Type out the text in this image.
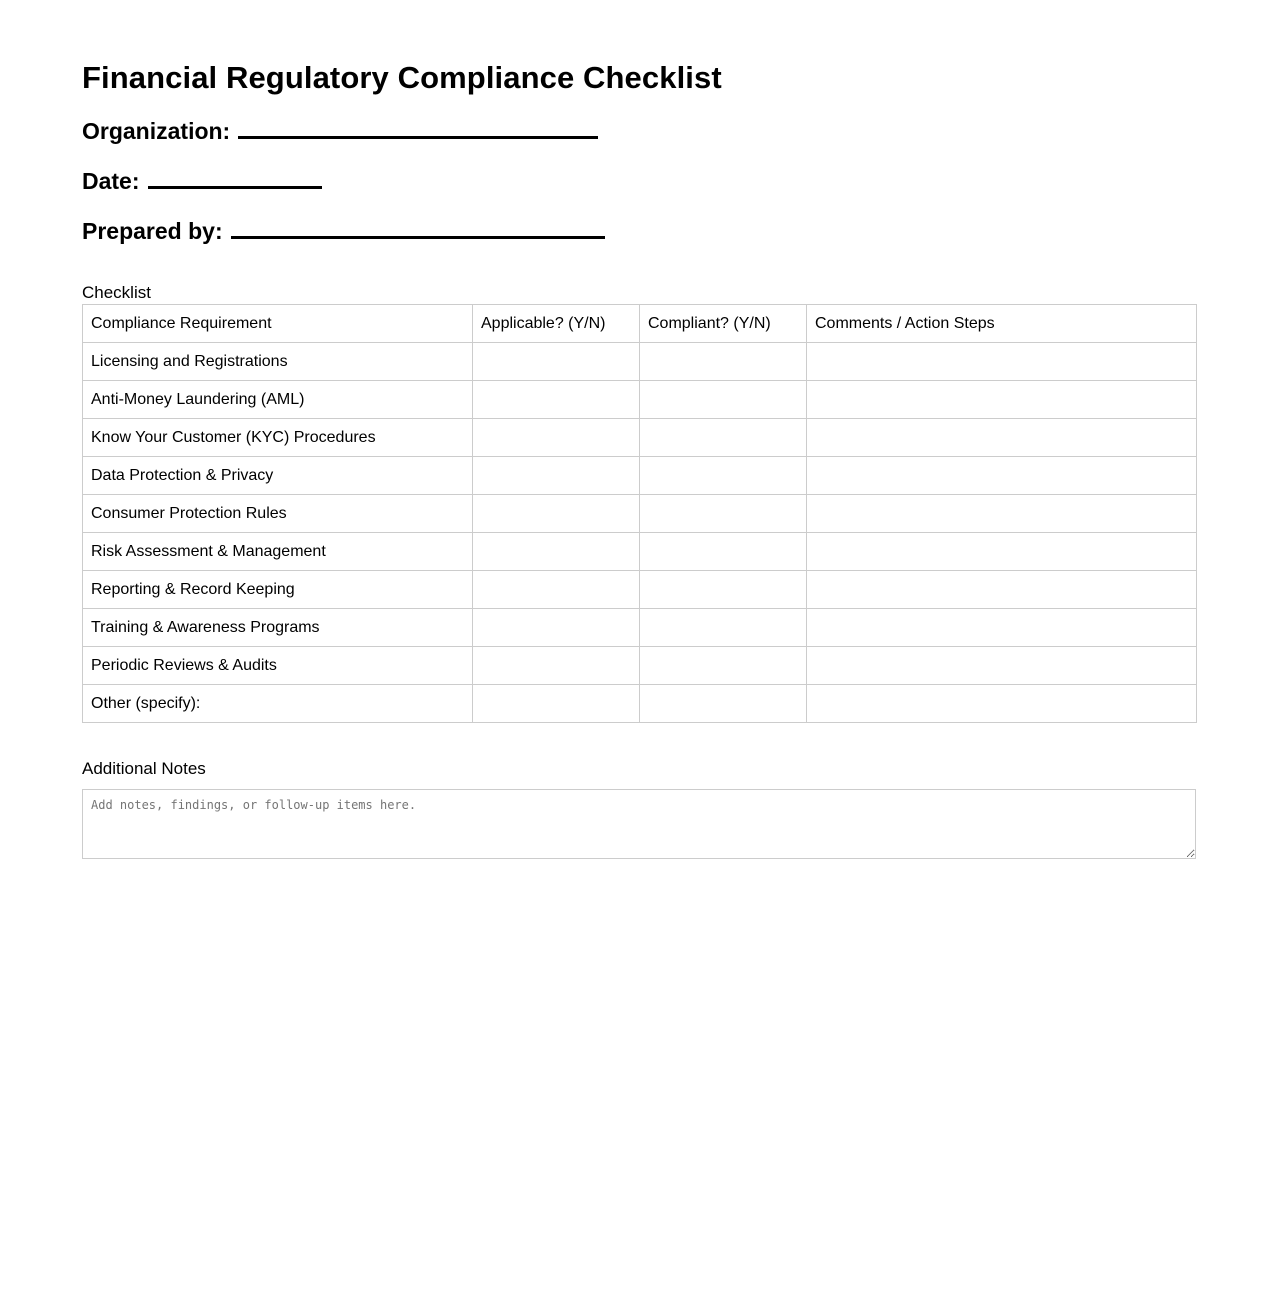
Financial Regulatory Compliance Checklist

Organization:

Date:

Prepared by:

Checklist

Compliance Requirement	Applicable? (Y/N)	Compliant? (Y/N)	Comments / Action Steps
Licensing and Registrations			
Anti-Money Laundering (AML)			
Know Your Customer (KYC) Procedures			
Data Protection & Privacy			
Consumer Protection Rules			
Risk Assessment & Management			
Reporting & Record Keeping			
Training & Awareness Programs			
Periodic Reviews & Audits			
Other (specify):			

Additional Notes

Add notes, findings, or follow-up items here.
